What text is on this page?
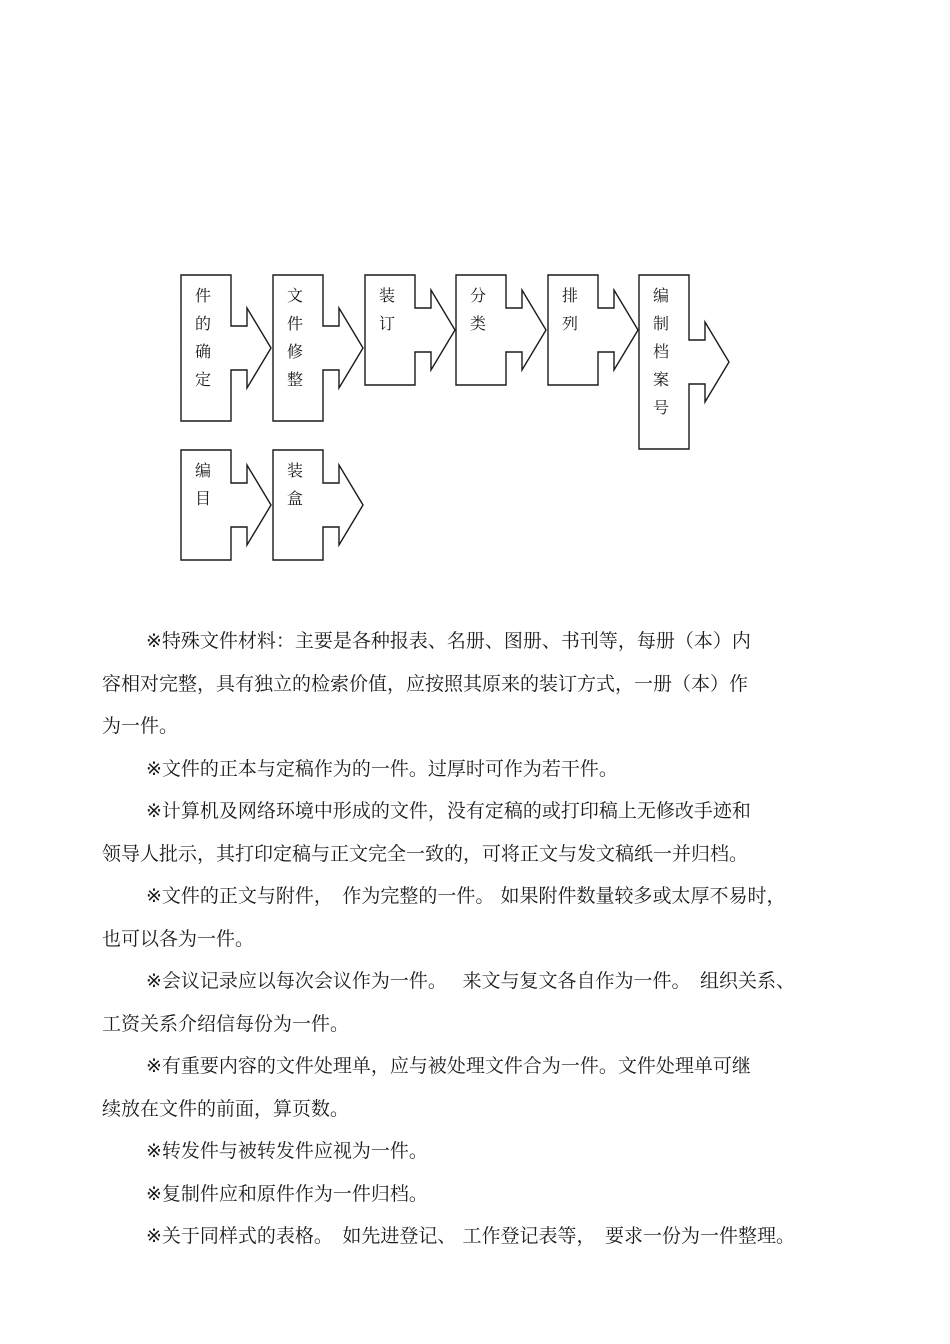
件
的
确
定
文
件
修
整
装
订
分
类
排
列
编
制
档
案
号
编
目
装
盒

※特殊文件材料：主要是各种报表、名册、图册、书刊等，每册（本）内

容相对完整，具有独立的检索价值，应按照其原来的装订方式，一册（本）作

为一件。

※文件的正本与定稿作为的一件。过厚时可作为若干件。

※计算机及网络环境中形成的文件，没有定稿的或打印稿上无修改手迹和

领导人批示，其打印定稿与正文完全一致的，可将正文与发文稿纸一并归档。

※文件的正文与附件，　作为完整的一件。 如果附件数量较多或太厚不易时，

也可以各为一件。

※会议记录应以每次会议作为一件。　 来文与复文各自作为一件。　组织关系、

工资关系介绍信每份为一件。

※有重要内容的文件处理单，应与被处理文件合为一件。文件处理单可继

续放在文件的前面，算页数。

※转发件与被转发件应视为一件。

※复制件应和原件作为一件归档。

※关于同样式的表格。　如先进登记、 工作登记表等，　要求一份为一件整理。
